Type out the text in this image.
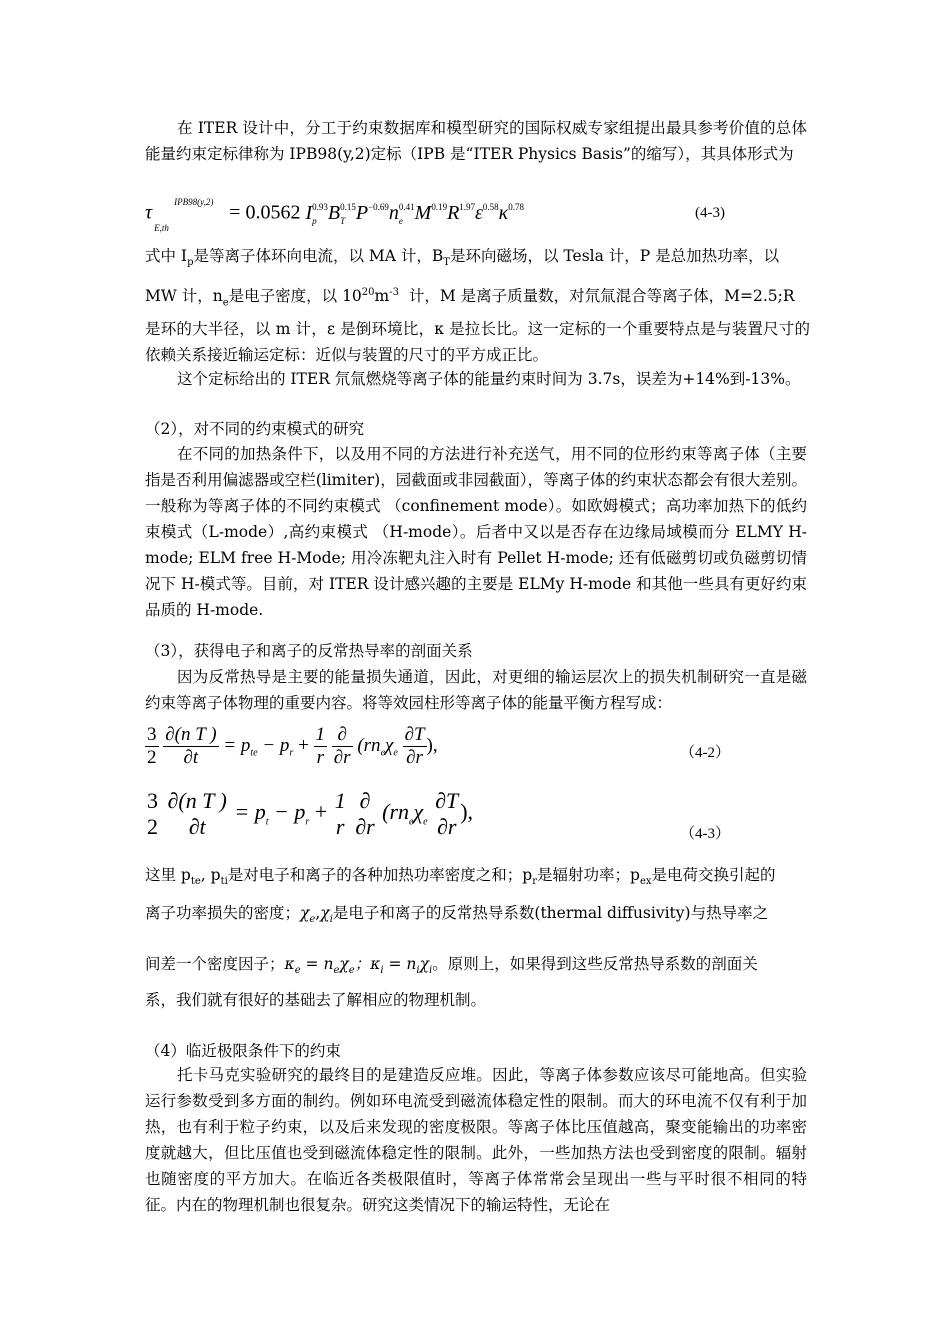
在 ITER 设计中，分工于约束数据库和模型研究的国际权威专家组提出最具参考价值的总体能量约束定标律称为 IPB98(y,2)定标（IPB 是“ITER Physics Basis”的缩写），其具体形式为
τ IPB98(y,2)
E,th
= 0.0562 I 0.93
p B 0.15
T P −0.69
n 0.41
e M 0.19
R 1.97
ε 0.58
κ 0.78
	(4-3)
式中 $I_p$是等离子体环向电流，以 MA 计，$B_T$是环向磁场，以 Tesla 计，P 是总加热功率，以
MW 计，$n_e$是电子密度，以 $10^{20}m^{-3}$ 计，M 是离子质量数，对氘氚混合等离子体，M=2.5;R
是环的大半径，以 m 计，ε 是倒环境比，κ 是拉长比。这一定标的一个重要特点是与装置尺寸的依赖关系接近输运定标：近似与装置的尺寸的平方成正比。
这个定标给出的 ITER 氘氚燃烧等离子体的能量约束时间为 3.7s，误差为+14%到-13%。
（2），对不同的约束模式的研究
在不同的加热条件下，以及用不同的方法进行补充送气，用不同的位形约束等离子体（主要指是否利用偏滤器或空栏(limiter)，园截面或非园截面），等离子体的约束状态都会有很大差别。一般称为等离子体的不同约束模式 （confinement mode）。如欧姆模式；高功率加热下的低约束模式（L-mode）,高约束模式 （H-mode）。后者中又以是否存在边缘局域模而分 ELMY H-mode; ELM free H-Mode; 用冷冻靶丸注入时有 Pellet H-mode; 还有低磁剪切或负磁剪切情况下 H-模式等。目前，对 ITER 设计感兴趣的主要是 ELMy H-mode 和其他一些具有更好约束品质的 H-mode.
（3），获得电子和离子的反常热导率的剖面关系
因为反常热导是主要的能量损失通道，因此，对更细的输运层次上的损失机制研究一直是磁约束等离子体物理的重要内容。将等效园柱形等离子体的能量平衡方程写成：
$\frac{3}{2}$
$\frac{\text{∂(n T )}}{\partial t} = p_{te} - p_r + \frac{1}{r}$
$\frac{\partial}{\partial r} (rn_e\chi_e \frac{\partial T}{\partial r}$ ),	（4-2）
3
2

∂(n T )
∂t
= $p_t - p_r + 1$
r

∂
∂r
($rn_e\chi_e$
∂T
∂r
),
（4-3）
这里 $p_{te}$, $p_{ti}$是对电子和离子的各种加热功率密度之和；$p_r$是辐射功率；$p_{ex}$是电荷交换引起的
离子功率损失的密度；$\chi_e,\chi_i$是电子和离子的反常热导系数(thermal diffusivity)与热导率之
间差一个密度因子；$\kappa_e = n_e\chi_e$；$\kappa_i = n_i\chi_i$。原则上，如果得到这些反常热导系数的剖面关
系，我们就有很好的基础去了解相应的物理机制。
（4）临近极限条件下的约束
托卡马克实验研究的最终目的是建造反应堆。因此，等离子体参数应该尽可能地高。但实验运行参数受到多方面的制约。例如环电流受到磁流体稳定性的限制。而大的环电流不仅有利于加热，也有利于粒子约束，以及后来发现的密度极限。等离子体比压值越高，聚变能输出的功率密度就越大，但比压值也受到磁流体稳定性的限制。此外，一些加热方法也受到密度的限制。辐射也随密度的平方加大。在临近各类极限值时，等离子体常常会呈现出一些与平时很不相同的特征。内在的物理机制也很复杂。研究这类情况下的输运特性，无论在
